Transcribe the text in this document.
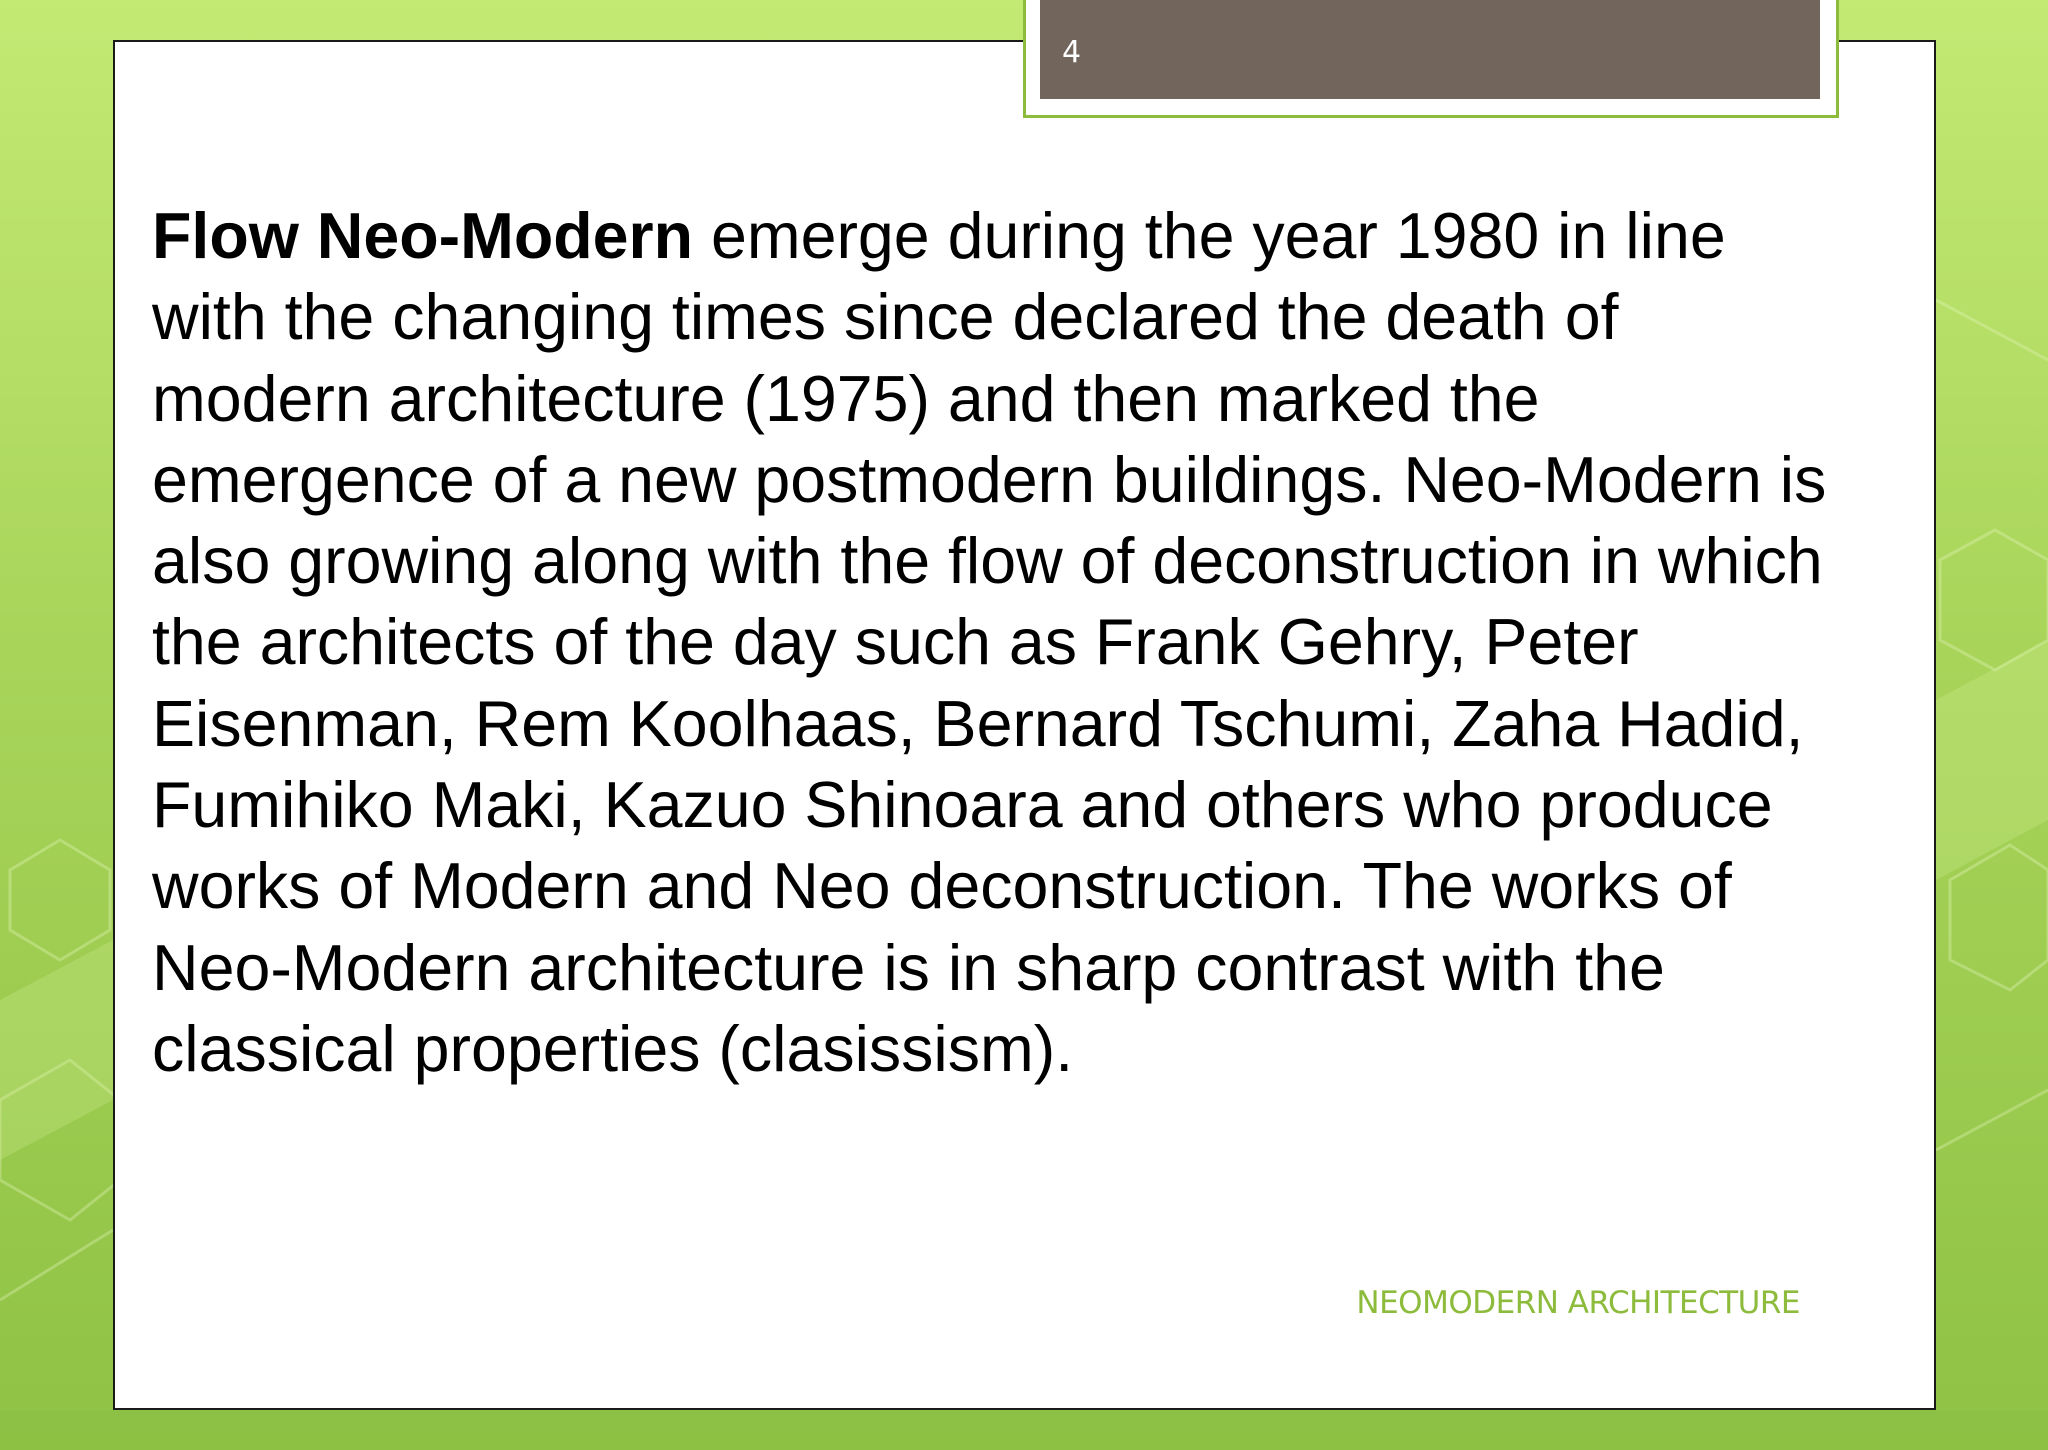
4

Flow Neo-Modern emerge during the year 1980 in line with the changing times since declared the death of modern architecture (1975) and then marked the emergence of a new postmodern buildings. Neo-Modern is also growing along with the flow of deconstruction in which the architects of the day such as Frank Gehry, Peter Eisenman, Rem Koolhaas, Bernard Tschumi, Zaha Hadid, Fumihiko Maki, Kazuo Shinoara and others who produce works of Modern and Neo deconstruction. The works of Neo-Modern architecture is in sharp contrast with the classical properties (clasissism).

NEOMODERN ARCHITECTURE
